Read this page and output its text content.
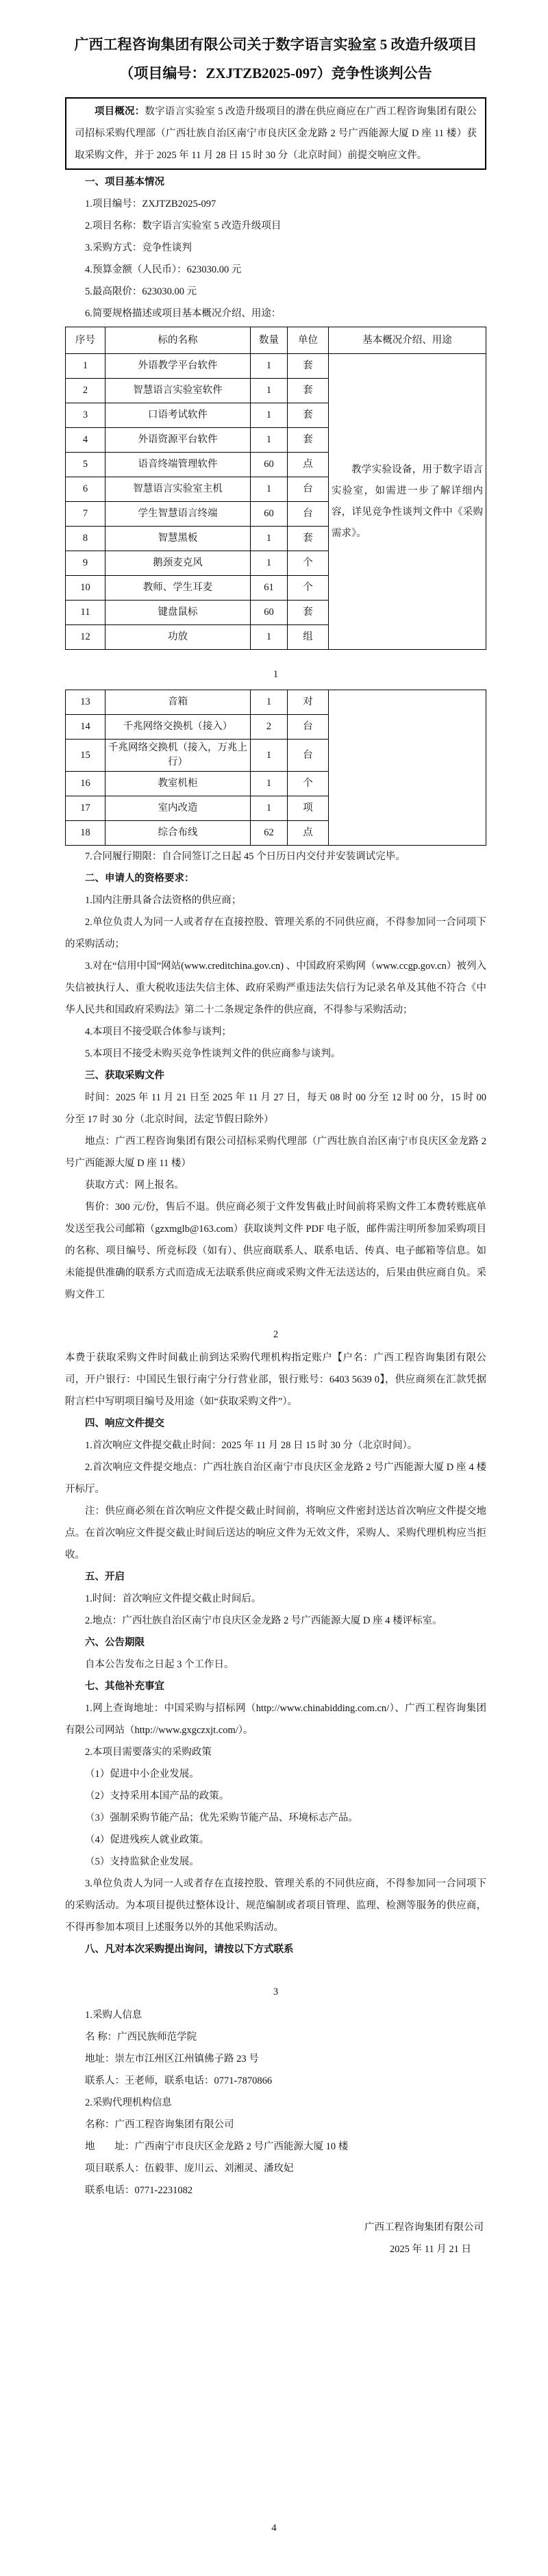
广西工程咨询集团有限公司关于数字语言实验室 5 改造升级项目
（项目编号：ZXJTZB2025-097）竞争性谈判公告

项目概况：数字语言实验室 5 改造升级项目的潜在供应商应在广西工程咨询集团有限公司招标采购代理部（广西壮族自治区南宁市良庆区金龙路 2 号广西能源大厦 D 座 11 楼）获取采购文件，并于 2025 年 11 月 28 日 15 时 30 分（北京时间）前提交响应文件。

一、项目基本情况

1.项目编号：ZXJTZB2025-097

2.项目名称：数字语言实验室 5 改造升级项目

3.采购方式：竞争性谈判

4.预算金额（人民币）：623030.00 元

5.最高限价：623030.00 元

6.简要规格描述或项目基本概况介绍、用途：

序号	标的名称	数量	单位	基本概况介绍、用途
1	外语教学平台软件	1	套	教学实验设备，用于数字语言实验室，如需进一步了解详细内容，详见竞争性谈判文件中《采购需求》。

2	智慧语言实验室软件	1	套	
3	口语考试软件	1	套	
4	外语资源平台软件	1	套	
5	语音终端管理软件	60	点	
6	智慧语言实验室主机	1	台	
7	学生智慧语言终端	60	台	
8	智慧黑板	1	套	
9	鹅颈麦克风	1	个	
10	教师、学生耳麦	61	个	
11	键盘鼠标	60	套	
12	功放	1	组	
1
13	音箱	1	对	
14	千兆网络交换机（接入）	2	台	
15	千兆网络交换机（接入，万兆上行）	1	台	
16	教室机柜	1	个	
17	室内改造	1	项	
18	综合布线	62	点	

7.合同履行期限：自合同签订之日起 45 个日历日内交付并安装调试完毕。

二、申请人的资格要求：

1.国内注册具备合法资格的供应商；

2.单位负责人为同一人或者存在直接控股、管理关系的不同供应商，不得参加同一合同项下的采购活动；

3.对在“信用中国”网站(www.creditchina.gov.cn) 、中国政府采购网（www.ccgp.gov.cn）被列入失信被执行人、重大税收违法失信主体、政府采购严重违法失信行为记录名单及其他不符合《中华人民共和国政府采购法》第二十二条规定条件的供应商，不得参与采购活动；

4.本项目不接受联合体参与谈判；

5.本项目不接受未购买竞争性谈判文件的供应商参与谈判。

三、获取采购文件

时间：2025 年 11 月 21 日至 2025 年 11 月 27 日，每天 08 时 00 分至 12 时 00 分，15 时 00 分至 17 时 30 分（北京时间，法定节假日除外）

地点：广西工程咨询集团有限公司招标采购代理部（广西壮族自治区南宁市良庆区金龙路 2 号广西能源大厦 D 座 11 楼）

获取方式：网上报名。

售价：300 元/份，售后不退。供应商必须于文件发售截止时间前将采购文件工本费转账底单发送至我公司邮箱（gzxmglb@163.com）获取谈判文件 PDF 电子版，邮件需注明所参加采购项目的名称、项目编号、所竞标段（如有）、供应商联系人、联系电话、传真、电子邮箱等信息。如未能提供准确的联系方式而造成无法联系供应商或采购文件无法送达的，后果由供应商自负。采购文件工

2

本费于获取采购文件时间截止前到达采购代理机构指定账户【户名：广西工程咨询集团有限公司，开户银行：中国民生银行南宁分行营业部，银行账号：6403 5639 0】，供应商须在汇款凭据附言栏中写明项目编号及用途（如“获取采购文件”）。

四、响应文件提交

1.首次响应文件提交截止时间：2025 年 11 月 28 日 15 时 30 分（北京时间）。

2.首次响应文件提交地点：广西壮族自治区南宁市良庆区金龙路 2 号广西能源大厦 D 座 4 楼开标厅。

注：供应商必须在首次响应文件提交截止时间前，将响应文件密封送达首次响应文件提交地点。在首次响应文件提交截止时间后送达的响应文件为无效文件，采购人、采购代理机构应当拒收。

五、开启

1.时间：首次响应文件提交截止时间后。

2.地点：广西壮族自治区南宁市良庆区金龙路 2 号广西能源大厦 D 座 4 楼评标室。

六、公告期限

自本公告发布之日起 3 个工作日。

七、其他补充事宜

1.网上查询地址：中国采购与招标网（http://www.chinabidding.com.cn/）、广西工程咨询集团有限公司网站（http://www.gxgczxjt.com/）。

2.本项目需要落实的采购政策

（1）促进中小企业发展。

（2）支持采用本国产品的政策。

（3）强制采购节能产品；优先采购节能产品、环境标志产品。

（4）促进残疾人就业政策。

（5）支持监狱企业发展。

3.单位负责人为同一人或者存在直接控股、管理关系的不同供应商，不得参加同一合同项下的采购活动。为本项目提供过整体设计、规范编制或者项目管理、监理、检测等服务的供应商，不得再参加本项目上述服务以外的其他采购活动。

八、凡对本次采购提出询问，请按以下方式联系

3

1.采购人信息

名 称：广西民族师范学院

地址：崇左市江州区江州镇佛子路 23 号

联系人：王老师，联系电话：0771-7870866

2.采购代理机构信息

名称：广西工程咨询集团有限公司

地　　址：广西南宁市良庆区金龙路 2 号广西能源大厦 10 楼

项目联系人：伍毅菲、庞川云、刘湘灵、潘玫妃

联系电话：0771-2231082

广西工程咨询集团有限公司

2025 年 11 月 21 日

4
